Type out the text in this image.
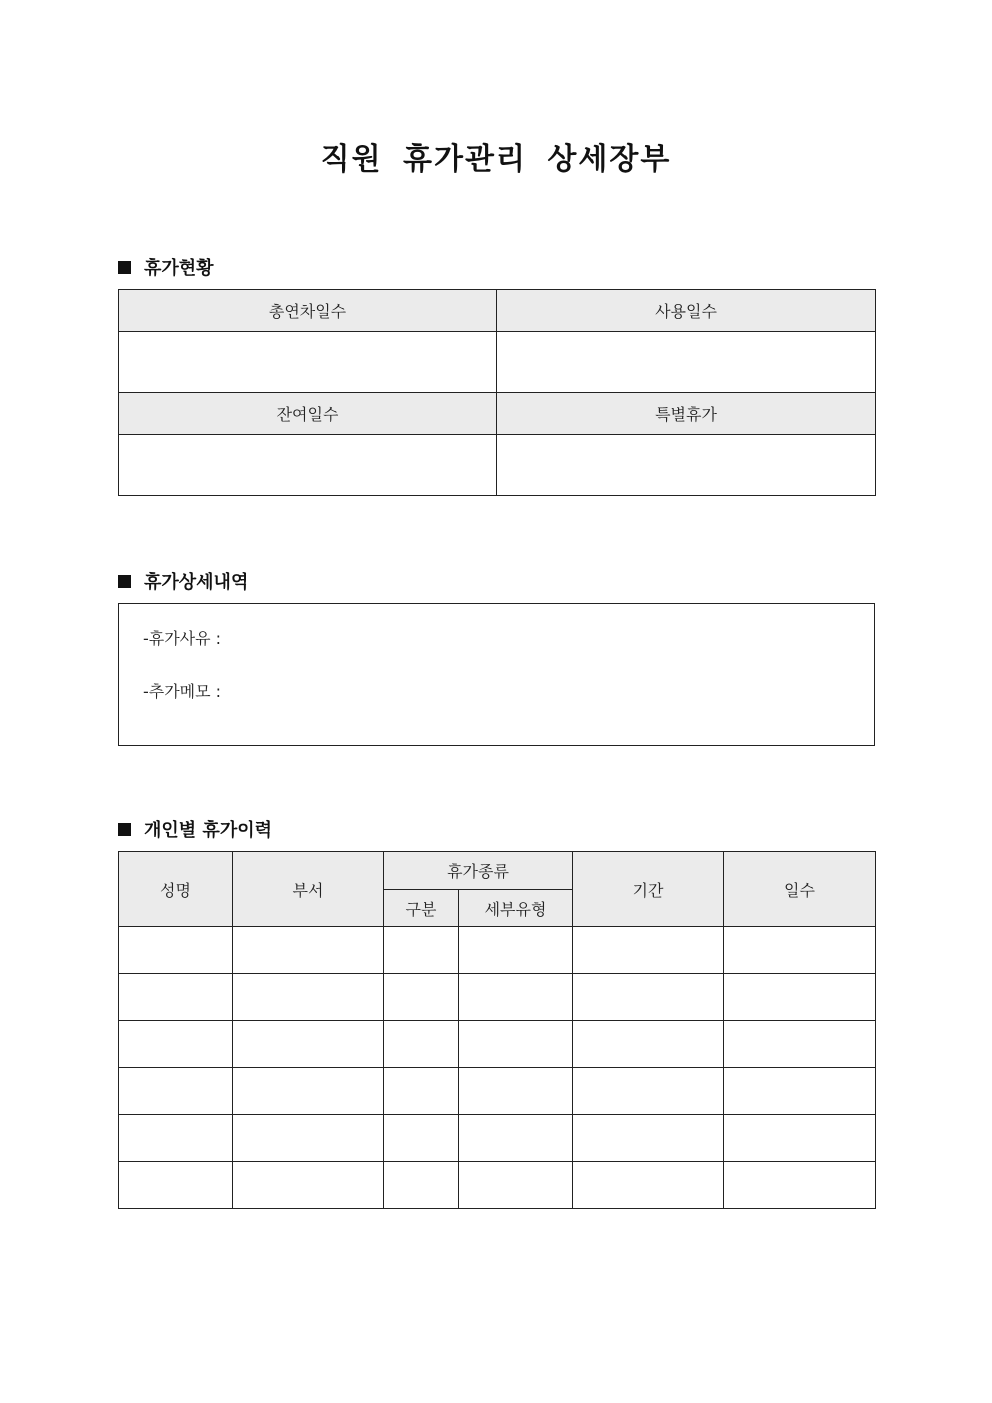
직원 휴가관리 상세장부
휴가현황
총연차일수	사용일수

잔여일수	특별휴가

휴가상세내역
-휴가사유 :
-추가메모 :
개인별 휴가이력
성명	부서	휴가종류		기간	일수
		구분	세부유형		
